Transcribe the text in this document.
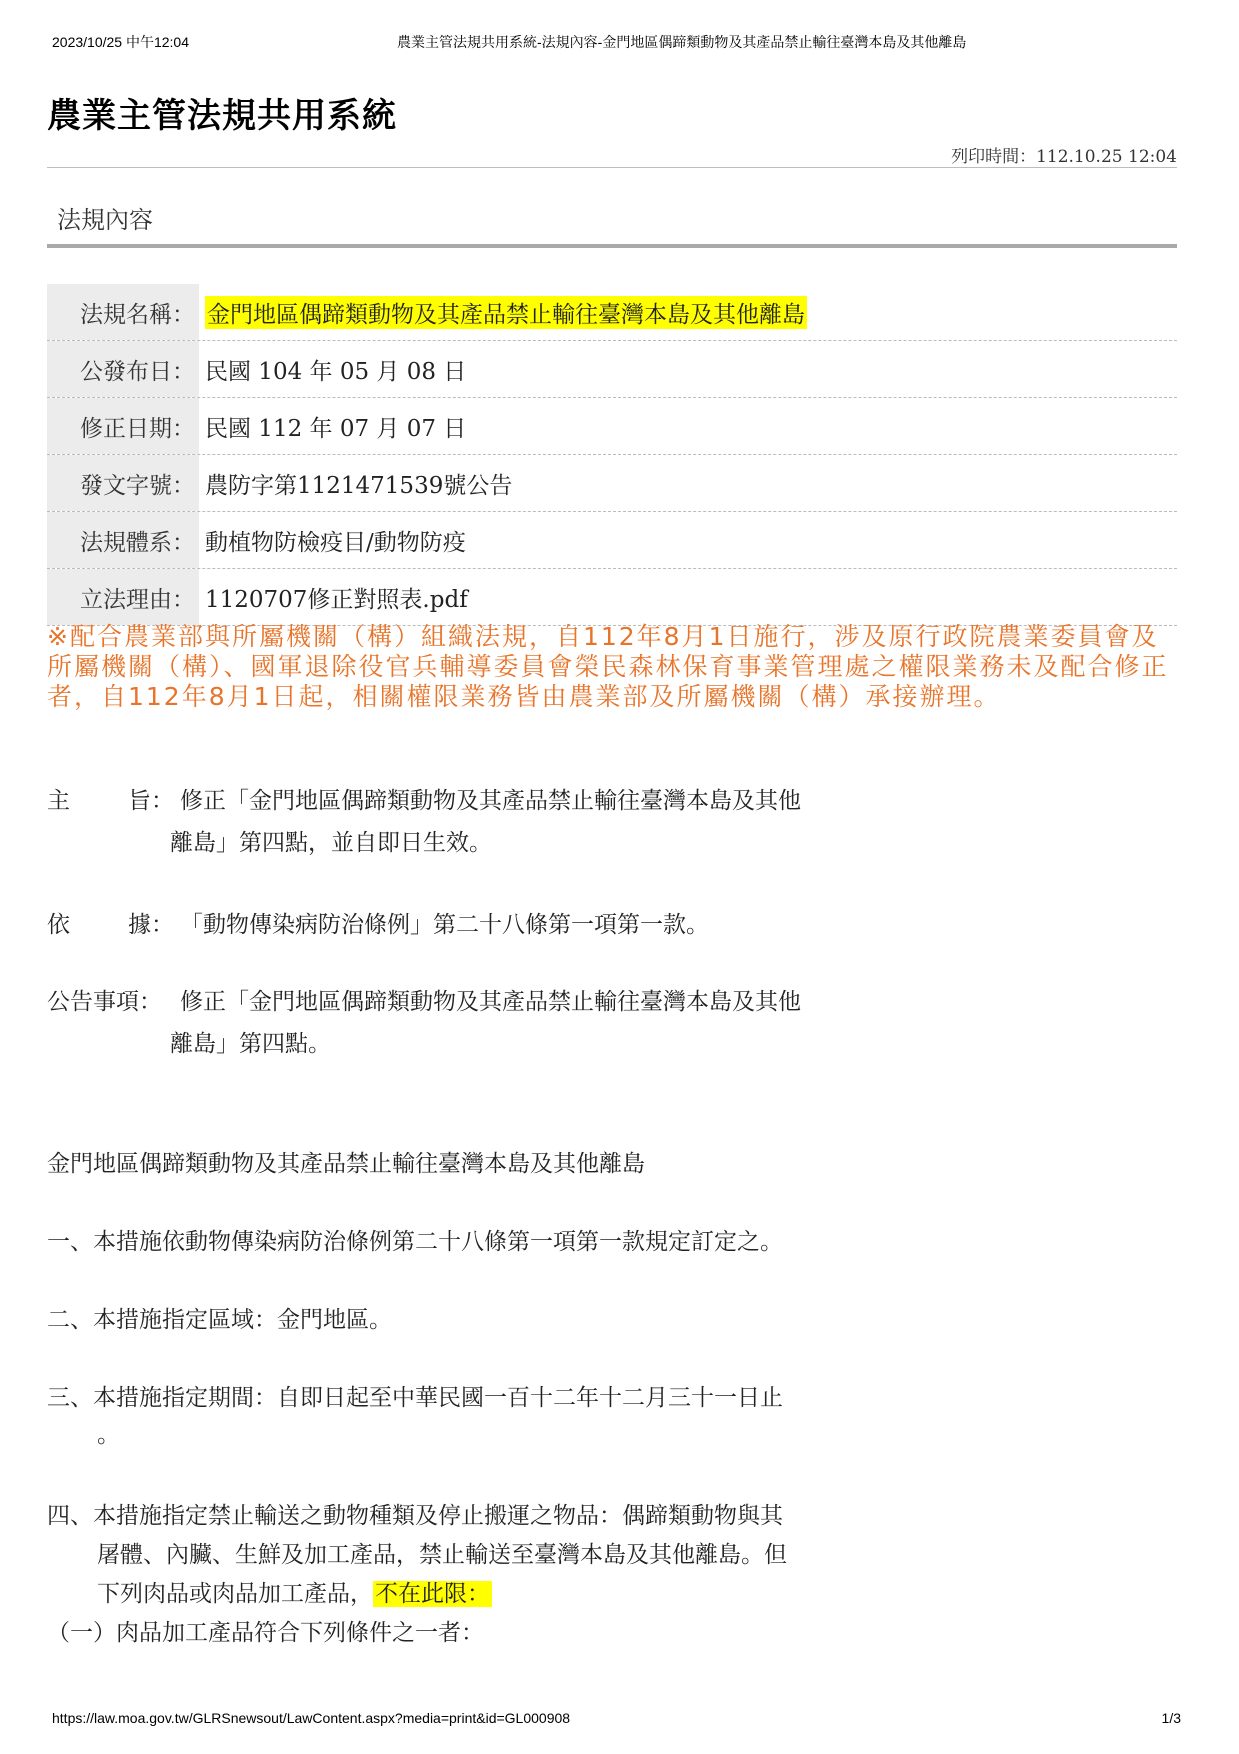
2023/10/25 中午12:04	農業主管法規共用系統-法規內容-金門地區偶蹄類動物及其產品禁止輸往臺灣本島及其他離島
農業主管法規共用系統
列印時間：112.10.25 12:04
法規內容
法規名稱： 金門地區偶蹄類動物及其產品禁止輸往臺灣本島及其他離島
公發布日： 民國 104 年 05 月 08 日
修正日期： 民國 112 年 07 月 07 日
發文字號： 農防字第1121471539號公告
法規體系： 動植物防檢疫目/動物防疫
立法理由： 1120707修正對照表.pdf
※配合農業部與所屬機關（構）組織法規，自112年8月1日施行，涉及原行政院農業委員會及所屬機關（構）、國軍退除役官兵輔導委員會榮民森林保育事業管理處之權限業務未及配合修正者，自112年8月1日起，相關權限業務皆由農業部及所屬機關（構）承接辦理。
主	旨： 修正「金門地區偶蹄類動物及其產品禁止輸往臺灣本島及其他
離島」第四點，並自即日生效。
依	據： 「動物傳染病防治條例」第二十八條第一項第一款。
公告事項： 修正「金門地區偶蹄類動物及其產品禁止輸往臺灣本島及其他
離島」第四點。
金門地區偶蹄類動物及其產品禁止輸往臺灣本島及其他離島
一、本措施依動物傳染病防治條例第二十八條第一項第一款規定訂定之。
二、本措施指定區域：金門地區。
三、本措施指定期間：自即日起至中華民國一百十二年十二月三十一日止
。
四、本措施指定禁止輸送之動物種類及停止搬運之物品：偶蹄類動物與其
屠體、內臟、生鮮及加工產品，禁止輸送至臺灣本島及其他離島。但
下列肉品或肉品加工產品，不在此限：
（一）肉品加工產品符合下列條件之一者：
https://law.moa.gov.tw/GLRSnewsout/LawContent.aspx?media=print&id=GL000908	1/3
